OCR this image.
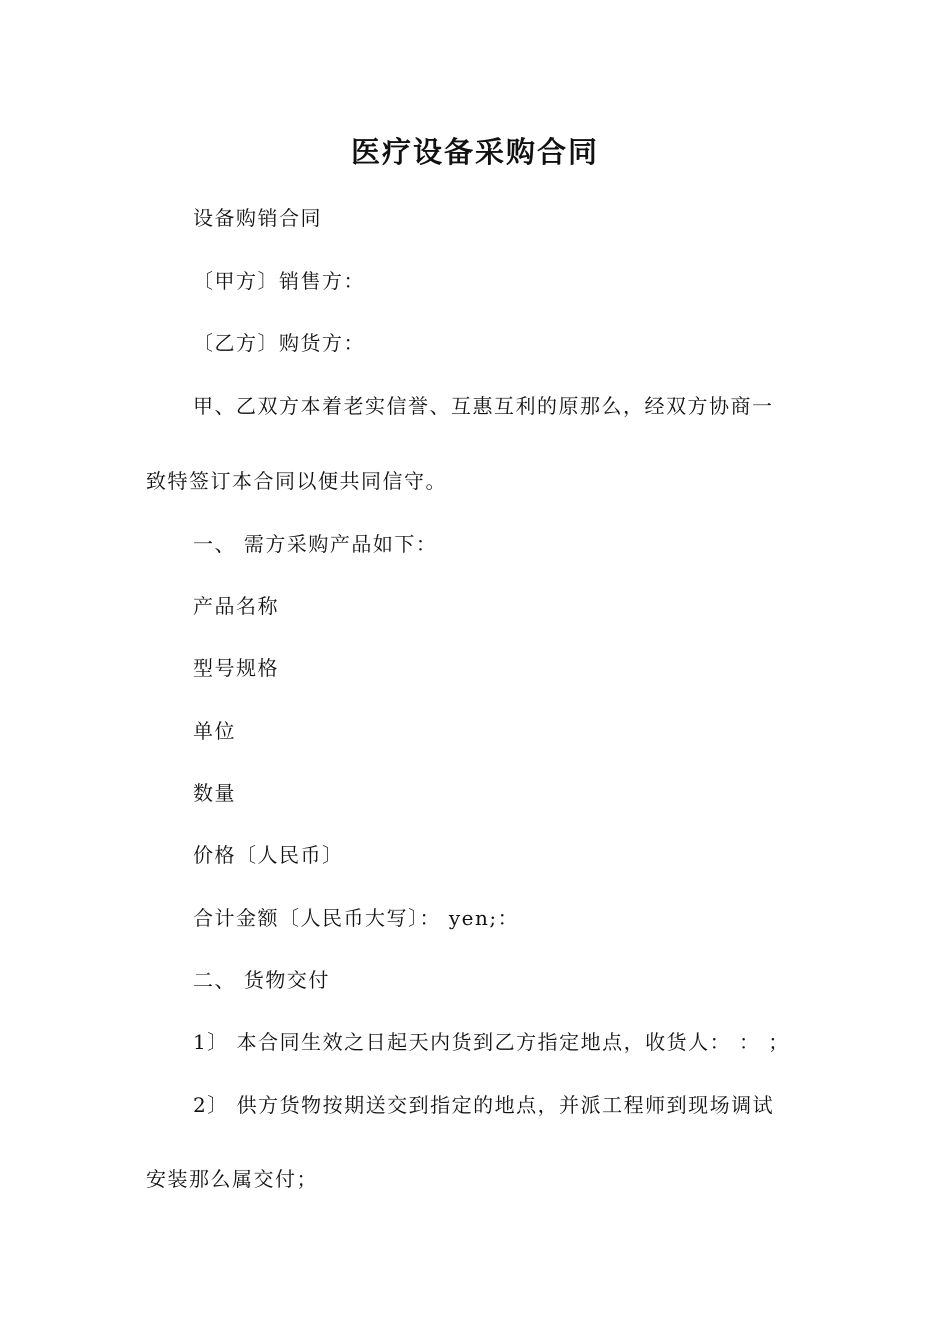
医疗设备采购合同
设备购销合同
〔甲方〕销售方：
〔乙方〕购货方：
甲、乙双方本着老实信誉、互惠互利的原那么，经双方协商一
致特签订本合同以便共同信守。
一、 需方采购产品如下：
产品名称
型号规格
单位
数量
价格〔人民币〕
合计金额〔人民币大写〕： yen;：
二、 货物交付
1〕 本合同生效之日起天内货到乙方指定地点，收货人： ： ；
2〕 供方货物按期送交到指定的地点，并派工程师到现场调试
安装那么属交付；
